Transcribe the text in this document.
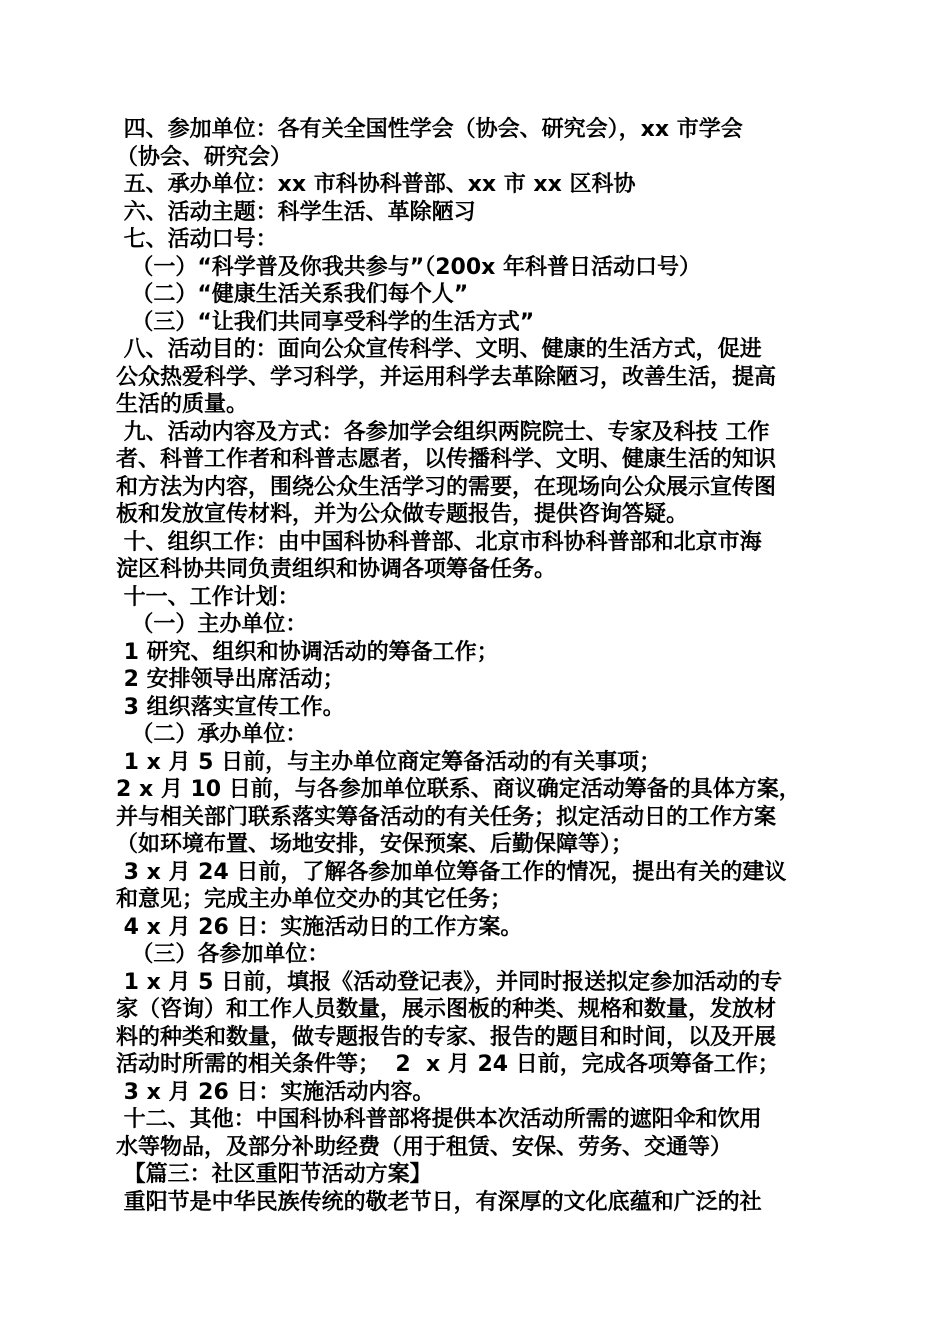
四、参加单位：各有关全国性学会（协会、研究会），xx 市学会
（协会、研究会）
五、承办单位：xx 市科协科普部、xx 市 xx 区科协
六、活动主题：科学生活、革除陋习
七、活动口号：
（一）“科学普及你我共参与”（200x 年科普日活动口号）
（二）“健康生活关系我们每个人”
（三）“让我们共同享受科学的生活方式”
八、活动目的：面向公众宣传科学、文明、健康的生活方式，促进
公众热爱科学、学习科学，并运用科学去革除陋习，改善生活，提高
生活的质量。
九、活动内容及方式：各参加学会组织两院院士、专家及科技 工作
者、科普工作者和科普志愿者，以传播科学、文明、健康生活的知识
和方法为内容，围绕公众生活学习的需要，在现场向公众展示宣传图
板和发放宣传材料，并为公众做专题报告，提供咨询答疑。
十、组织工作：由中国科协科普部、北京市科协科普部和北京市海
淀区科协共同负责组织和协调各项筹备任务。
十一、工作计划：
（一）主办单位：
1 研究、组织和协调活动的筹备工作；
2 安排领导出席活动；
3 组织落实宣传工作。
（二）承办单位：
1 x 月 5 日前，与主办单位商定筹备活动的有关事项；
2 x 月 10 日前，与各参加单位联系、商议确定活动筹备的具体方案，
并与相关部门联系落实筹备活动的有关任务；拟定活动日的工作方案
（如环境布置、场地安排，安保预案、后勤保障等）；
3 x 月 24 日前，了解各参加单位筹备工作的情况，提出有关的建议
和意见；完成主办单位交办的其它任务；
4 x 月 26 日：实施活动日的工作方案。
（三）各参加单位：
1 x 月 5 日前，填报《活动登记表》，并同时报送拟定参加活动的专
家（咨询）和工作人员数量，展示图板的种类、规格和数量，发放材
料的种类和数量，做专题报告的专家、报告的题目和时间，以及开展
活动时所需的相关条件等；  2  x 月 24 日前，完成各项筹备工作；
3 x 月 26 日：实施活动内容。
十二、其他：中国科协科普部将提供本次活动所需的遮阳伞和饮用
水等物品，及部分补助经费（用于租赁、安保、劳务、交通等）
【篇三：社区重阳节活动方案】
重阳节是中华民族传统的敬老节日，有深厚的文化底蕴和广泛的社
